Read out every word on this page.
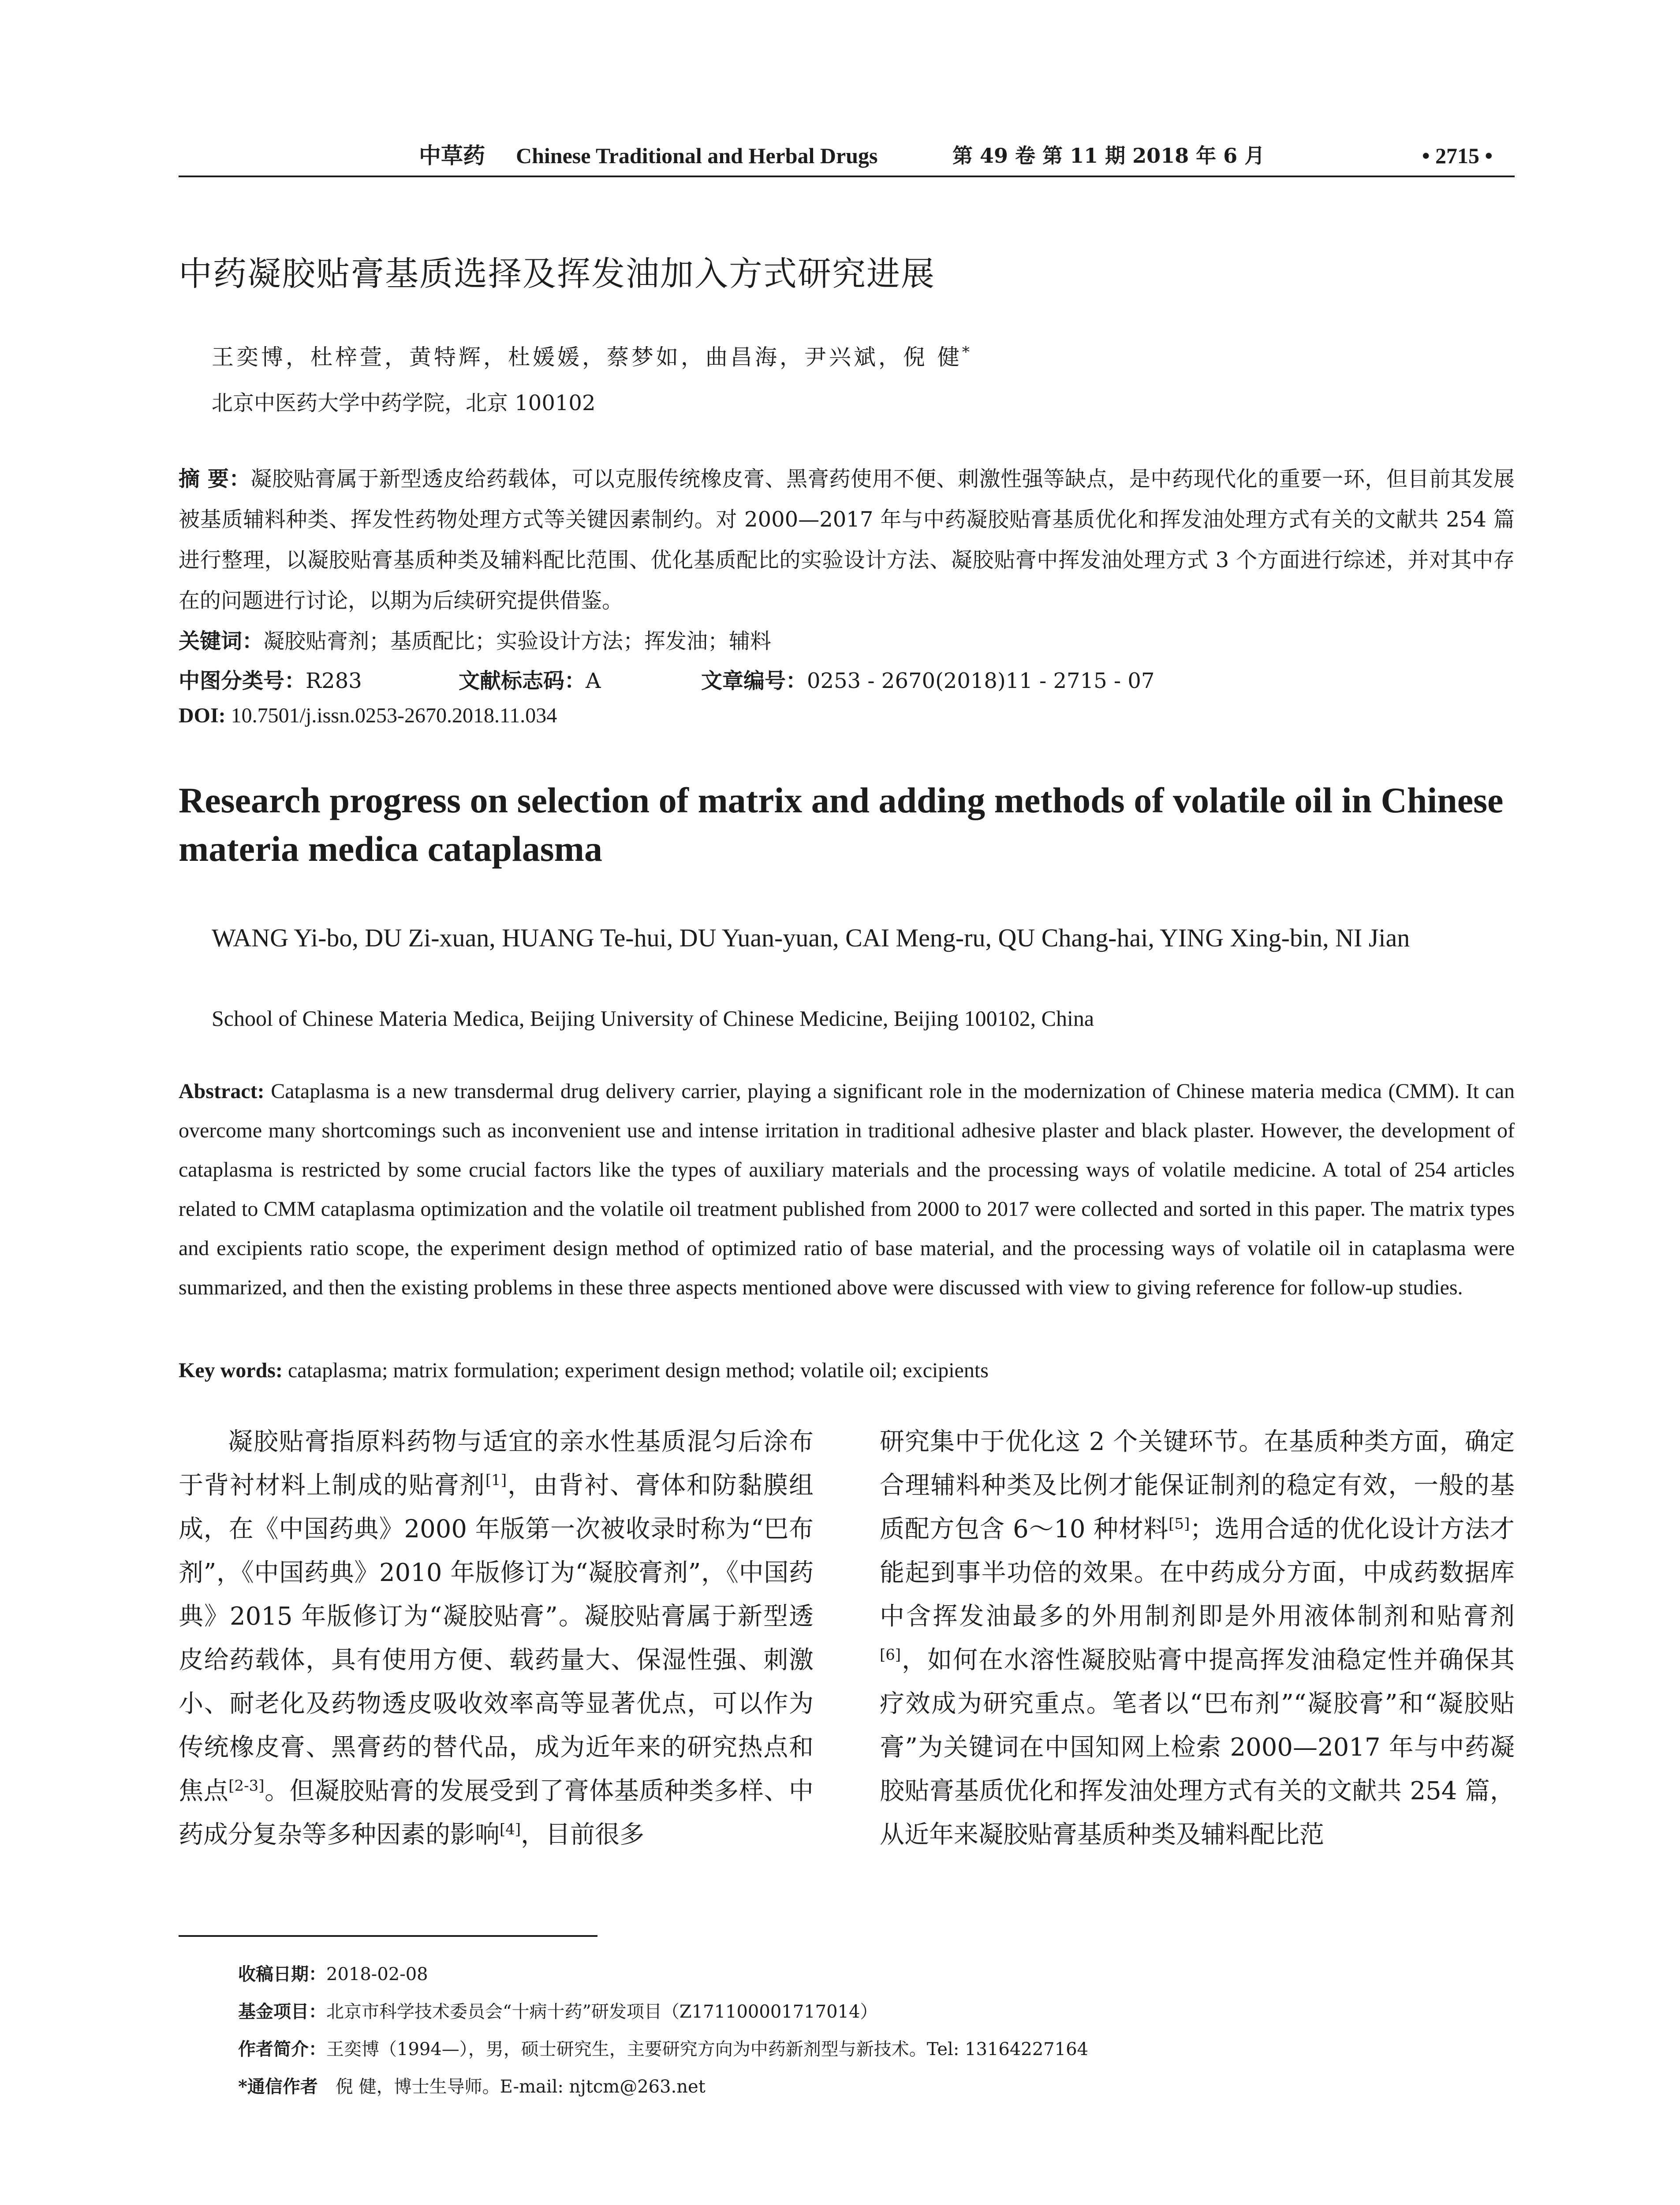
中草药 Chinese Traditional and Herbal Drugs	第 49 卷 第 11 期 2018 年 6 月	• 2715 •
中药凝胶贴膏基质选择及挥发油加入方式研究进展
王奕博，杜梓萱，黄特辉，杜媛媛，蔡梦如，曲昌海，尹兴斌，倪 健*
北京中医药大学中药学院，北京 100102
摘 要：凝胶贴膏属于新型透皮给药载体，可以克服传统橡皮膏、黑膏药使用不便、刺激性强等缺点，是中药现代化的重要一环，但目前其发展被基质辅料种类、挥发性药物处理方式等关键因素制约。对 2000—2017 年与中药凝胶贴膏基质优化和挥发油处理方式有关的文献共 254 篇进行整理，以凝胶贴膏基质种类及辅料配比范围、优化基质配比的实验设计方法、凝胶贴膏中挥发油处理方式 3 个方面进行综述，并对其中存在的问题进行讨论，以期为后续研究提供借鉴。
关键词：凝胶贴膏剂；基质配比；实验设计方法；挥发油；辅料
中图分类号：R283	文献标志码：A	文章编号：0253 - 2670(2018)11 - 2715 - 07
DOI: 10.7501/j.issn.0253-2670.2018.11.034
Research progress on selection of matrix and adding methods of volatile oil in Chinese materia medica cataplasma
WANG Yi-bo, DU Zi-xuan, HUANG Te-hui, DU Yuan-yuan, CAI Meng-ru, QU Chang-hai, YING Xing-bin, NI Jian
School of Chinese Materia Medica, Beijing University of Chinese Medicine, Beijing 100102, China
Abstract: Cataplasma is a new transdermal drug delivery carrier, playing a significant role in the modernization of Chinese materia medica (CMM). It can overcome many shortcomings such as inconvenient use and intense irritation in traditional adhesive plaster and black plaster. However, the development of cataplasma is restricted by some crucial factors like the types of auxiliary materials and the processing ways of volatile medicine. A total of 254 articles related to CMM cataplasma optimization and the volatile oil treatment published from 2000 to 2017 were collected and sorted in this paper. The matrix types and excipients ratio scope, the experiment design method of optimized ratio of base material, and the processing ways of volatile oil in cataplasma were summarized, and then the existing problems in these three aspects mentioned above were discussed with view to giving reference for follow-up studies.
Key words: cataplasma; matrix formulation; experiment design method; volatile oil; excipients

凝胶贴膏指原料药物与适宜的亲水性基质混匀后涂布于背衬材料上制成的贴膏剂[1]，由背衬、膏体和防黏膜组成，在《中国药典》2000 年版第一次被收录时称为“巴布剂”，《中国药典》2010 年版修订为“凝胶膏剂”，《中国药典》2015 年版修订为“凝胶贴膏”。凝胶贴膏属于新型透皮给药载体，具有使用方便、载药量大、保湿性强、刺激小、耐老化及药物透皮吸收效率高等显著优点，可以作为传统橡皮膏、黑膏药的替代品，成为近年来的研究热点和焦点[2-3]。但凝胶贴膏的发展受到了膏体基质种类多样、中药成分复杂等多种因素的影响[4]，目前很多

研究集中于优化这 2 个关键环节。在基质种类方面，确定合理辅料种类及比例才能保证制剂的稳定有效，一般的基质配方包含 6～10 种材料[5]；选用合适的优化设计方法才能起到事半功倍的效果。在中药成分方面，中成药数据库中含挥发油最多的外用制剂即是外用液体制剂和贴膏剂[6]，如何在水溶性凝胶贴膏中提高挥发油稳定性并确保其疗效成为研究重点。笔者以“巴布剂”“凝胶膏”和“凝胶贴膏”为关键词在中国知网上检索 2000—2017 年与中药凝胶贴膏基质优化和挥发油处理方式有关的文献共 254 篇，从近年来凝胶贴膏基质种类及辅料配比范

收稿日期：2018-02-08
基金项目：北京市科学技术委员会“十病十药”研发项目（Z171100001717014）
作者简介：王奕博（1994—），男，硕士研究生，主要研究方向为中药新剂型与新技术。Tel: 13164227164
*通信作者　 倪 健，博士生导师。E-mail: njtcm@263.net
